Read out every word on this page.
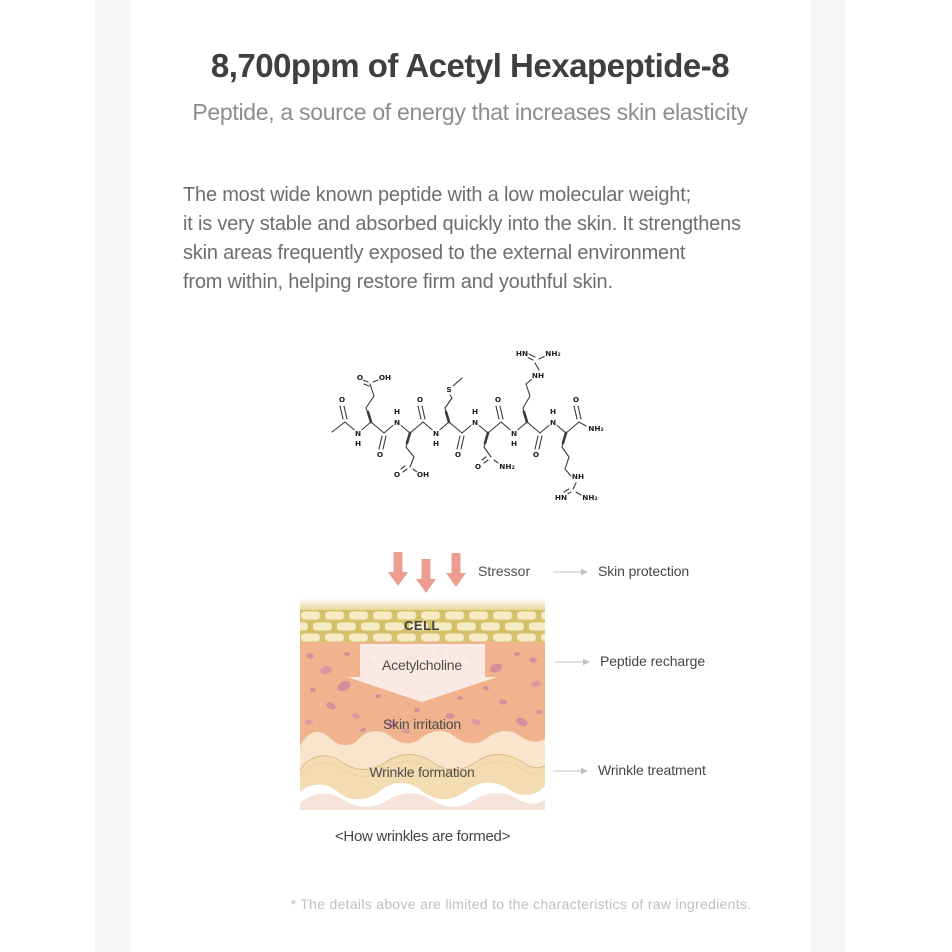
8,700ppm of Acetyl Hexapeptide-8
Peptide, a source of energy that increases skin elasticity

The most wide known peptide with a low molecular weight;
it is very stable and absorbed quickly into the skin. It strengthens
skin areas frequently exposed to the external environment
from within, helping restore firm and youthful skin.

O	O	O	O
O	O	O
N
H
H
N
N
H
H
N
N
H
H
N
O OH
O OH
S
O NH₂
NH
HN NH₂
NH
HN NH₂
NH₂
Stressor	Skin protection
Peptide recharge
Wrinkle treatment
CELL
Acetylcholine
Skin irritation
Wrinkle formation
<How wrinkles are formed>
* The details above are limited to the characteristics of raw ingredients.
